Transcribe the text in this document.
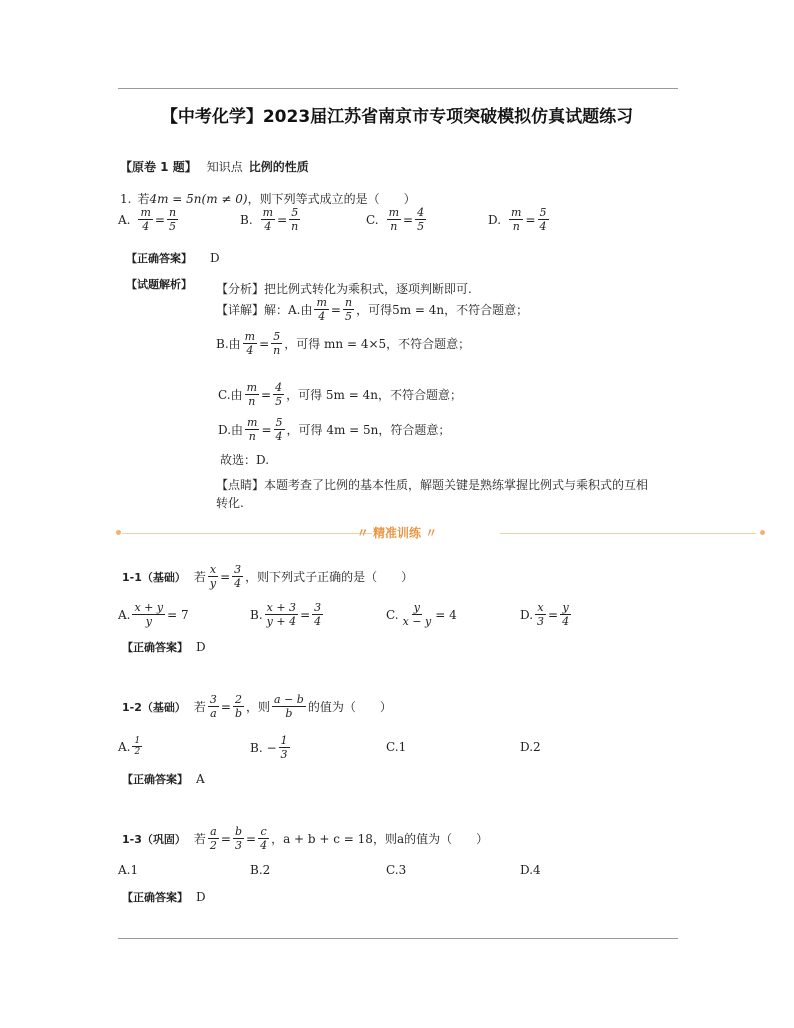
【中考化学】2023届江苏省南京市专项突破模拟仿真试题练习
【原卷 1 题】 知识点 比例的性质
1. 若 4m = 5n(m ≠ 0) ，则下列等式成立的是（　　）
A. $\frac{m}{4} = \frac{n}{5}$	B. $\frac{m}{4} = \frac{5}{n}$	C. $\frac{m}{n} = \frac{4}{5}$	D. $\frac{m}{n} = \frac{5}{4}$
【正确答案】 D
【试题解析】 【分析】把比例式转化为乘积式，逐项判断即可.
【详解】解：A.由 $\frac{m}{4} = \frac{n}{5}$ ，可得5m = 4n，不符合题意；
B.由 $\frac{m}{4} = \frac{5}{n}$ ，可得 mn = 4×5，不符合题意；
C.由 $\frac{m}{n} = \frac{4}{5}$ ，可得 5m = 4n，不符合题意；
D.由 $\frac{m}{n} = \frac{5}{4}$ ，可得 4m = 5n，符合题意；
故选：D.
【点睛】本题考查了比例的基本性质，解题关键是熟练掌握比例式与乘积式的互相
转化.
〃 精准训练 〃
1-1（基础） 若 $\frac{x}{y} = \frac{3}{4}$ ，则下列式子正确的是（　　）
A. $\frac{x + y}{y} = 7$	B. $\frac{x + 3}{y + 4} = \frac{3}{4}$	C. $\frac{y}{x - y} = 4$	D. $\frac{x}{3} = \frac{y}{4}$
【正确答案】 D
1-2（基础） 若 $\frac{3}{a} = \frac{2}{b}$ ，则 $\frac{a - b}{b}$ 的值为（　　）
A. $\frac{1}{2}$	B. − $\frac{1}{3}$	C.1	D.2
【正确答案】 A
1-3（巩固） 若 $\frac{a}{2} = \frac{b}{3} = \frac{c}{4}$ ，a + b + c = 18，则a的值为（　　）
A.1	B.2	C.3	D.4
【正确答案】 D
